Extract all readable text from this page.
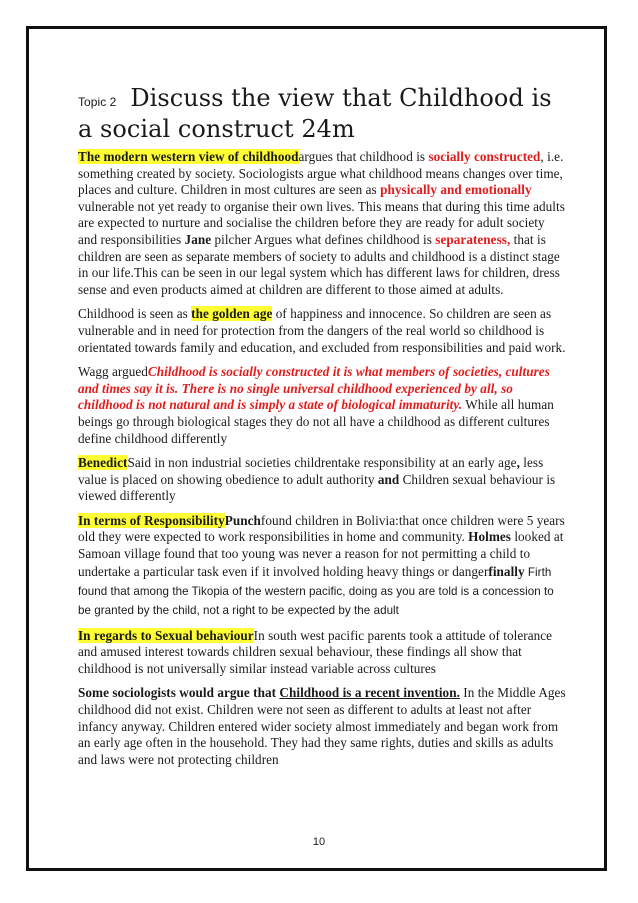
Topic 2 Discuss the view that Childhood is
a social construct 24m

The modern western view of childhoodargues that childhood is socially constructed, i.e. something created by society. Sociologists argue what childhood means changes over time, places and culture. Children in most cultures are seen as physically and emotionally vulnerable not yet ready to organise their own lives. This means that during this time adults are expected to nurture and socialise the children before they are ready for adult society and responsibilities Jane pilcher Argues what defines childhood is separateness, that is children are seen as separate members of society to adults and childhood is a distinct stage in our life.This can be seen in our legal system which has different laws for children, dress sense and even products aimed at children are different to those aimed at adults.

Childhood is seen as the golden age of happiness and innocence. So children are seen as vulnerable and in need for protection from the dangers of the real world so childhood is orientated towards family and education, and excluded from responsibilities and paid work.

Wagg arguedChildhood is socially constructed it is what members of societies, cultures and times say it is. There is no single universal childhood experienced by all, so childhood is not natural and is simply a state of biological immaturity. While all human beings go through biological stages they do not all have a childhood as different cultures define childhood differently

BenedictSaid in non industrial societies childrentake responsibility at an early age, less value is placed on showing obedience to adult authority and Children sexual behaviour is viewed differently

In terms of ResponsibilityPunchfound children in Bolivia:that once children were 5 years old they were expected to work responsibilities in home and community. Holmes looked at Samoan village found that too young was never a reason for not permitting a child to undertake a particular task even if it involved holding heavy things or dangerfinally Firth found that among the Tikopia of the western pacific, doing as you are told is a concession to be granted by the child, not a right to be expected by the adult

In regards to Sexual behaviourIn south west pacific parents took a attitude of tolerance and amused interest towards children sexual behaviour, these findings all show that childhood is not universally similar instead variable across cultures

Some sociologists would argue that Childhood is a recent invention. In the Middle Ages childhood did not exist. Children were not seen as different to adults at least not after infancy anyway. Children entered wider society almost immediately and began work from an early age often in the household. They had they same rights, duties and skills as adults and laws were not protecting children

10
